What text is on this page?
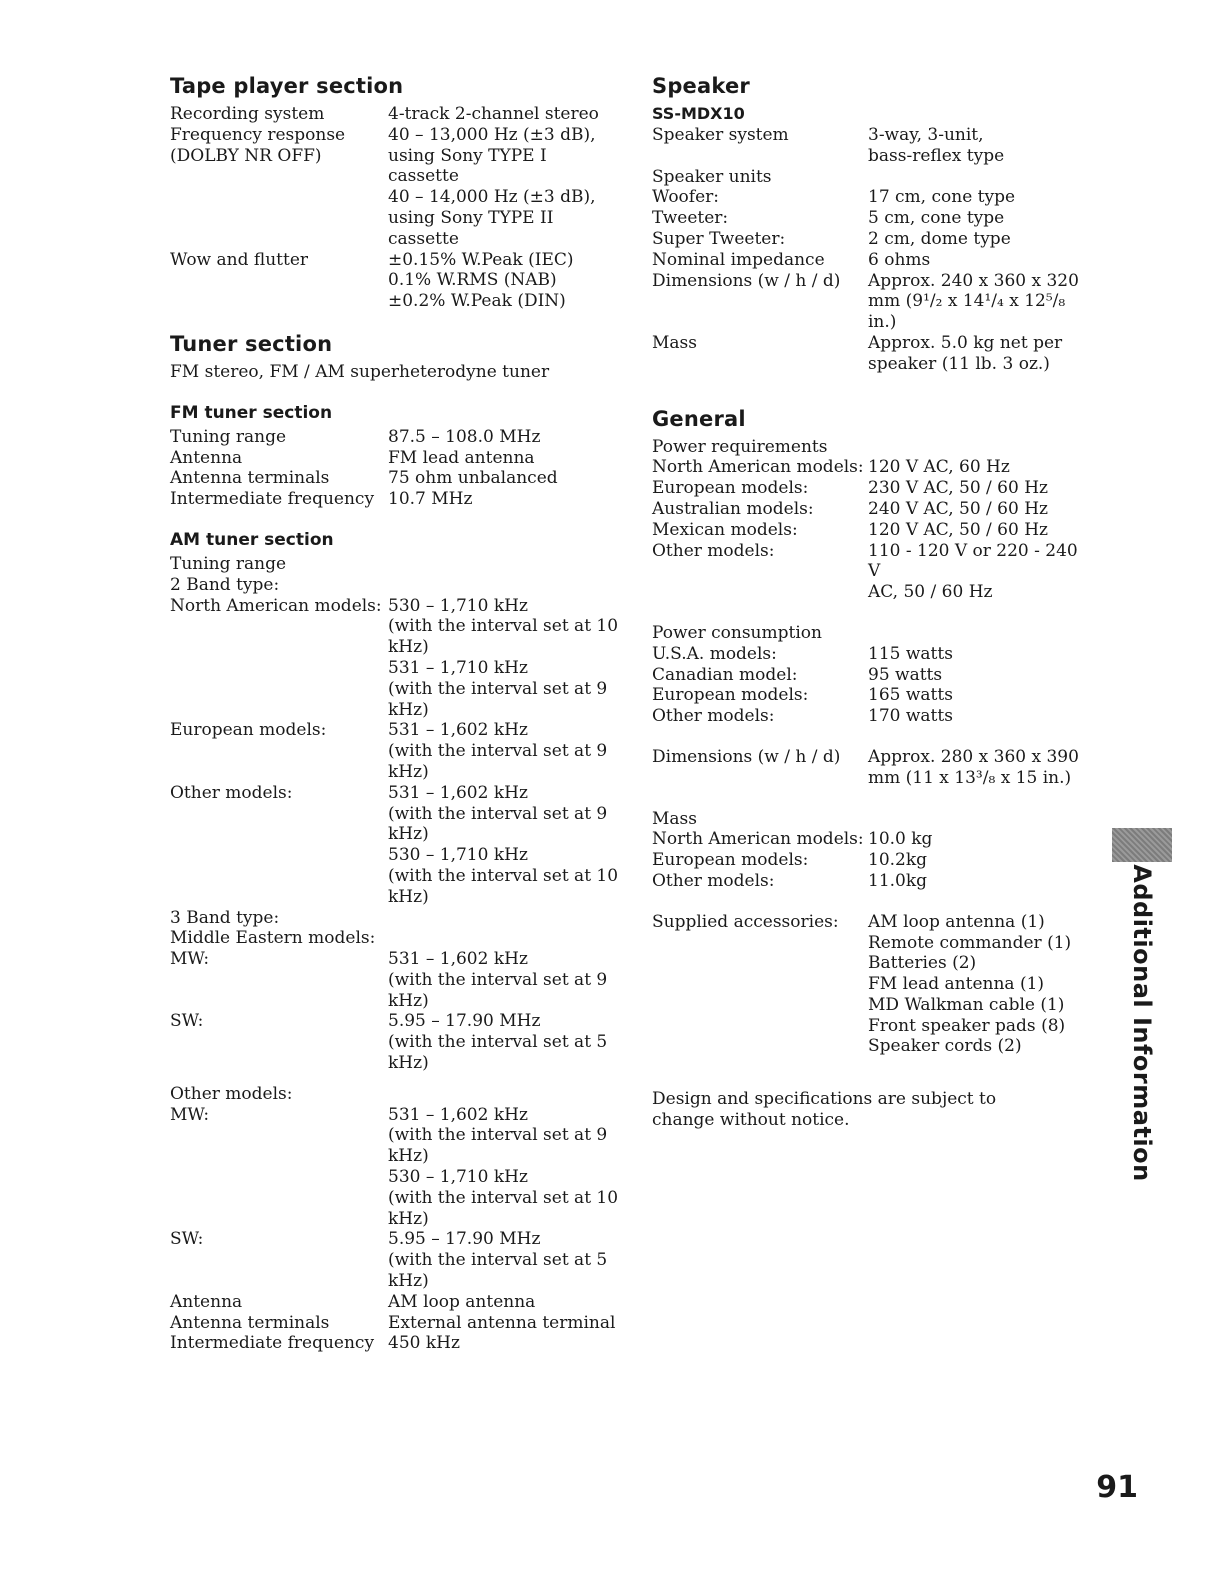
Tape player section
Recording system	4-track 2-channel stereo
Frequency response	40 – 13,000 Hz (±3 dB),
(DOLBY NR OFF)	using Sony TYPE I
cassette
40 – 14,000 Hz (±3 dB),
using Sony TYPE II
cassette
Wow and flutter	±0.15% W.Peak (IEC)
0.1% W.RMS (NAB)
±0.2% W.Peak (DIN)
Tuner section

FM stereo, FM / AM superheterodyne tuner

FM tuner section
Tuning range	87.5 – 108.0 MHz
Antenna	FM lead antenna
Antenna terminals	75 ohm unbalanced
Intermediate frequency 10.7 MHz
AM tuner section
Tuning range
2 Band type:
North American models: 530 – 1,710 kHz
(with the interval set at 10
kHz)
531 – 1,710 kHz
(with the interval set at 9
kHz)
European models:	531 – 1,602 kHz
(with the interval set at 9
kHz)
Other models:	531 – 1,602 kHz
(with the interval set at 9
kHz)
530 – 1,710 kHz
(with the interval set at 10
kHz)
3 Band type:
Middle Eastern models:
MW:	531 – 1,602 kHz
(with the interval set at 9
kHz)
SW:	5.95 – 17.90 MHz
(with the interval set at 5
kHz)
Other models:
MW:	531 – 1,602 kHz
(with the interval set at 9
kHz)
530 – 1,710 kHz
(with the interval set at 10
kHz)
SW:	5.95 – 17.90 MHz
(with the interval set at 5
kHz)
Antenna	AM loop antenna
Antenna terminals	External antenna terminal
Intermediate frequency 450 kHz
Speaker
SS-MDX10
Speaker system	3-way, 3-unit,
bass-reflex type
Speaker units
Woofer:	17 cm, cone type
Tweeter:	5 cm, cone type
Super Tweeter:	2 cm, dome type
Nominal impedance	6 ohms
Dimensions (w / h / d)	Approx. 240 x 360 x 320
mm (9¹/₂ x 14¹/₄ x 12⁵/₈
in.)
Mass	Approx. 5.0 kg net per
speaker (11 lb. 3 oz.)
General
Power requirements
North American models: 120 V AC, 60 Hz
European models:	230 V AC, 50 / 60 Hz
Australian models:	240 V AC, 50 / 60 Hz
Mexican models:	120 V AC, 50 / 60 Hz
Other models:	110 - 120 V or 220 - 240 V
AC, 50 / 60 Hz
Power consumption
U.S.A. models:	115 watts
Canadian model:	95 watts
European models:	165 watts
Other models:	170 watts
Dimensions (w / h / d)	Approx. 280 x 360 x 390
mm (11 x 13³/₈ x 15 in.)
Mass
North American models: 10.0 kg
European models:	10.2kg
Other models:	11.0kg
Supplied accessories:	AM loop antenna (1)
Remote commander (1)
Batteries (2)
FM lead antenna (1)
MD Walkman cable (1)
Front speaker pads (8)
Speaker cords (2)

Design and specifications are subject to change without notice.	Additional Information
91
